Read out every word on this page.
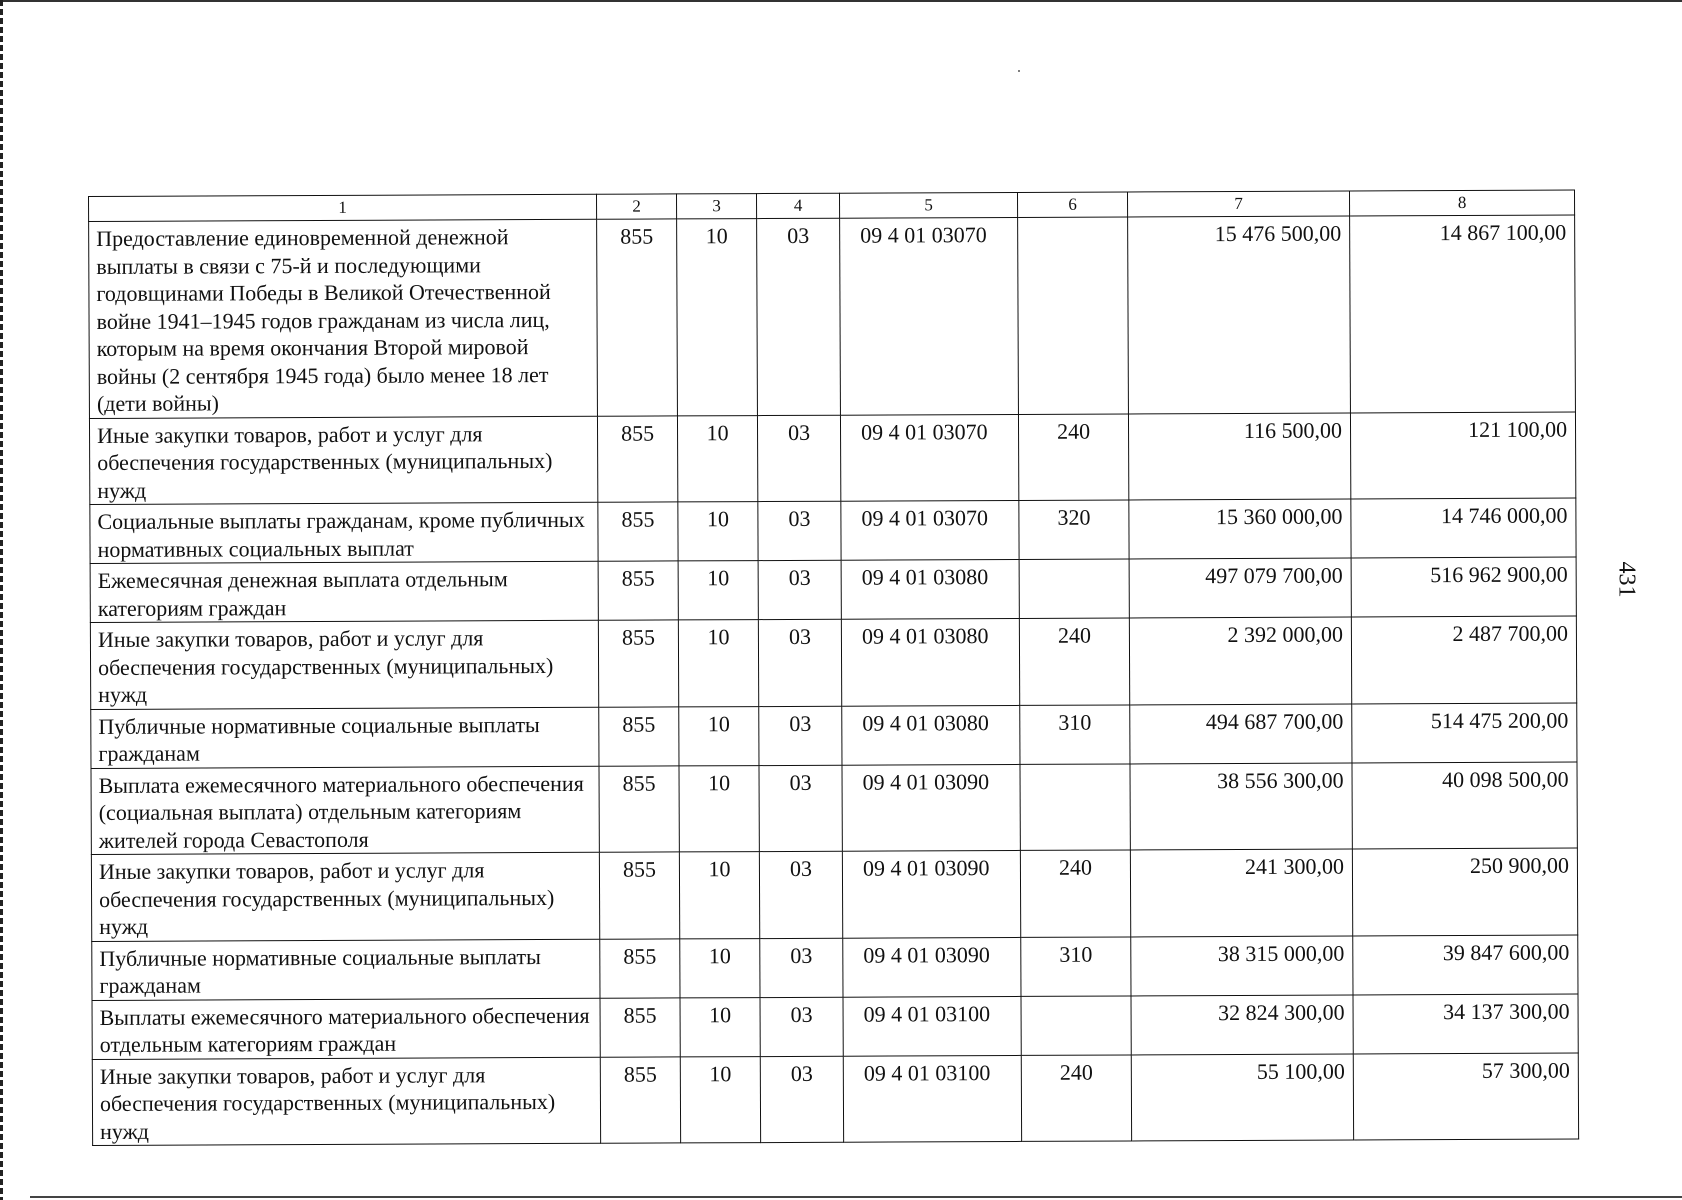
1	2	3	4	5	6	7	8
Предоставление единовременной денежной выплаты в связи с 75-й и последующими годовщинами Победы в Великой Отечественной войне 1941–1945 годов гражданам из числа лиц, которым на время окончания Второй мировой войны (2 сентября 1945 года) было менее 18 лет (дети войны)	855	10	03	09 4 01 03070		15 476 500,00	14 867 100,00
Иные закупки товаров, работ и услуг для обеспечения государственных (муниципальных) нужд	855	10	03	09 4 01 03070	240	116 500,00	121 100,00
Социальные выплаты гражданам, кроме публичных нормативных социальных выплат	855	10	03	09 4 01 03070	320	15 360 000,00	14 746 000,00
Ежемесячная денежная выплата отдельным категориям граждан	855	10	03	09 4 01 03080		497 079 700,00	516 962 900,00
Иные закупки товаров, работ и услуг для обеспечения государственных (муниципальных) нужд	855	10	03	09 4 01 03080	240	2 392 000,00	2 487 700,00
Публичные нормативные социальные выплаты гражданам	855	10	03	09 4 01 03080	310	494 687 700,00	514 475 200,00
Выплата ежемесячного материального обеспечения (социальная выплата) отдельным категориям жителей города Севастополя	855	10	03	09 4 01 03090		38 556 300,00	40 098 500,00
Иные закупки товаров, работ и услуг для обеспечения государственных (муниципальных) нужд	855	10	03	09 4 01 03090	240	241 300,00	250 900,00
Публичные нормативные социальные выплаты гражданам	855	10	03	09 4 01 03090	310	38 315 000,00	39 847 600,00
Выплаты ежемесячного материального обеспечения отдельным категориям граждан	855	10	03	09 4 01 03100		32 824 300,00	34 137 300,00
Иные закупки товаров, работ и услуг для обеспечения государственных (муниципальных) нужд	855	10	03	09 4 01 03100	240	55 100,00	57 300,00
431
